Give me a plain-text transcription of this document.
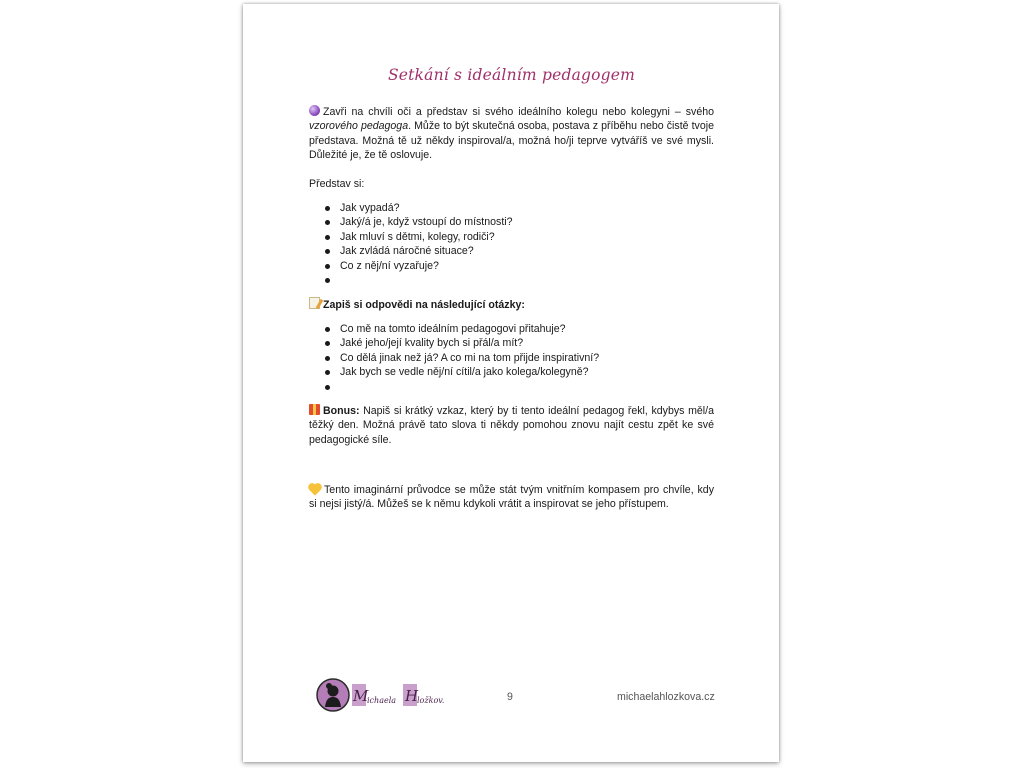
Setkání s ideálním pedagogem

Zavři na chvíli oči a představ si svého ideálního kolegu nebo kolegyni – svého vzorového pedagoga. Může to být skutečná osoba, postava z příběhu nebo čistě tvoje představa. Možná tě už někdy inspiroval/a, možná ho/ji teprve vytváříš ve své mysli. Důležité je, že tě oslovuje.

Představ si:
Jak vypadá?
Jaký/á je, když vstoupí do místnosti?
Jak mluví s dětmi, kolegy, rodiči?
Jak zvládá náročné situace?
Co z něj/ní vyzařuje?
Zapiš si odpovědi na následující otázky:
Co mě na tomto ideálním pedagogovi přitahuje?
Jaké jeho/její kvality bych si přál/a mít?
Co dělá jinak než já? A co mi na tom přijde inspirativní?
Jak bych se vedle něj/ní cítil/a jako kolega/kolegyně?

Bonus: Napiš si krátký vzkaz, který by ti tento ideální pedagog řekl, kdybys měl/a těžký den. Možná právě tato slova ti někdy pomohou znovu najít cestu zpět ke své pedagogické síle.

Tento imaginární průvodce se může stát tvým vnitřním kompasem pro chvíle, kdy si nejsi jistý/á. Můžeš se k němu kdykoli vrátit a inspirovat se jeho přístupem.

M
ichaela H
ložkov.	9	michaelahlozkova.cz
